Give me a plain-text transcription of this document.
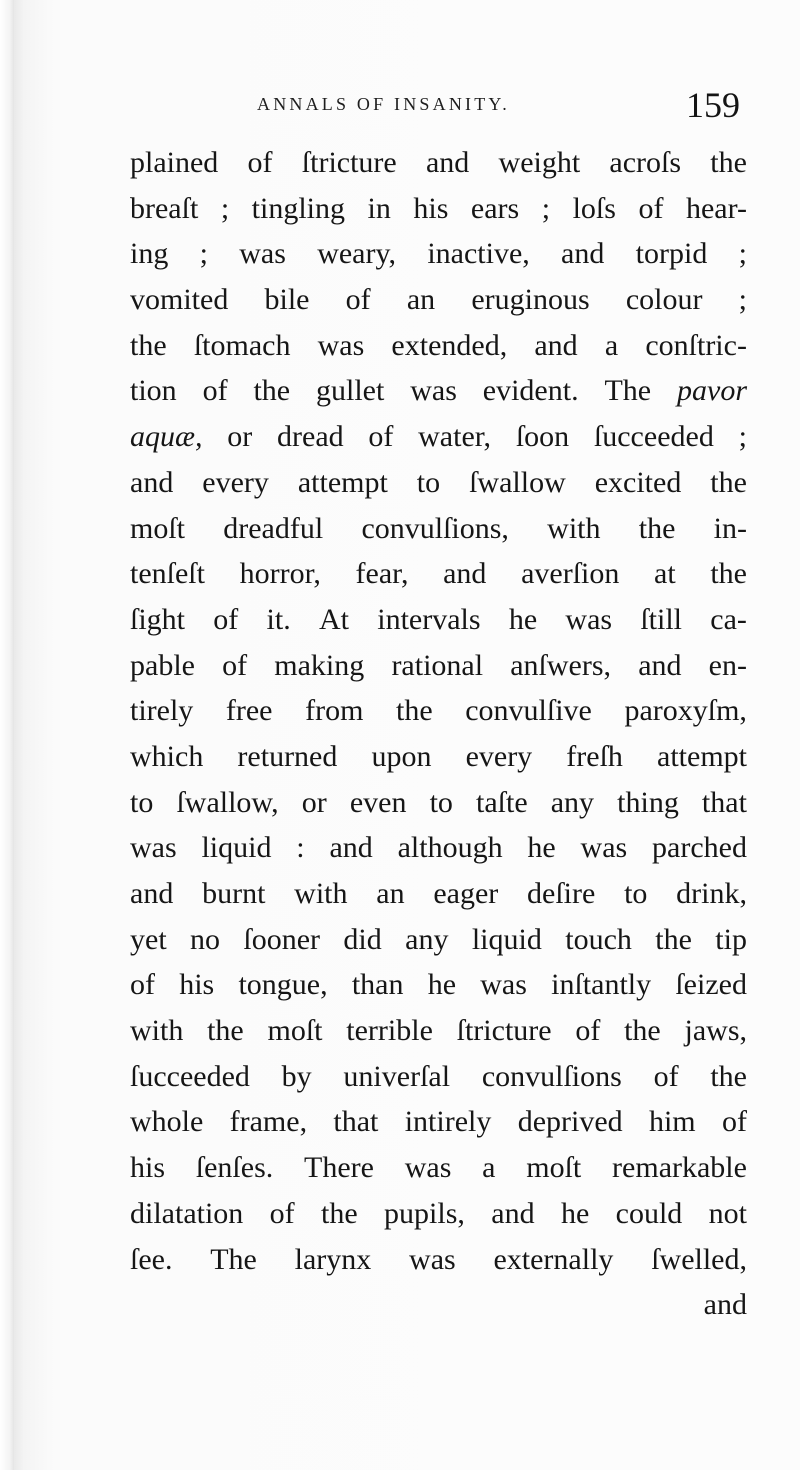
ANNALS OF INSANITY.	159
plained of ſtricture and weight acroſs the
breaſt ; tingling in his ears ; loſs of hear-
ing ; was weary, inactive, and torpid ;
vomited bile of an eruginous colour ;
the ſtomach was extended, and a conſtric-
tion of the gullet was evident. The pavor
aquæ, or dread of water, ſoon ſucceeded ;
and every attempt to ſwallow excited the
moſt dreadful convulſions, with the in-
tenſeſt horror, fear, and averſion at the
ſight of it. At intervals he was ſtill ca-
pable of making rational anſwers, and en-
tirely free from the convulſive paroxyſm,
which returned upon every freſh attempt
to ſwallow, or even to taſte any thing that
was liquid : and although he was parched
and burnt with an eager deſire to drink,
yet no ſooner did any liquid touch the tip
of his tongue, than he was inſtantly ſeized
with the moſt terrible ſtricture of the jaws,
ſucceeded by univerſal convulſions of the
whole frame, that intirely deprived him of
his ſenſes. There was a moſt remarkable
dilatation of the pupils, and he could not
ſee. The larynx was externally ſwelled,
and
